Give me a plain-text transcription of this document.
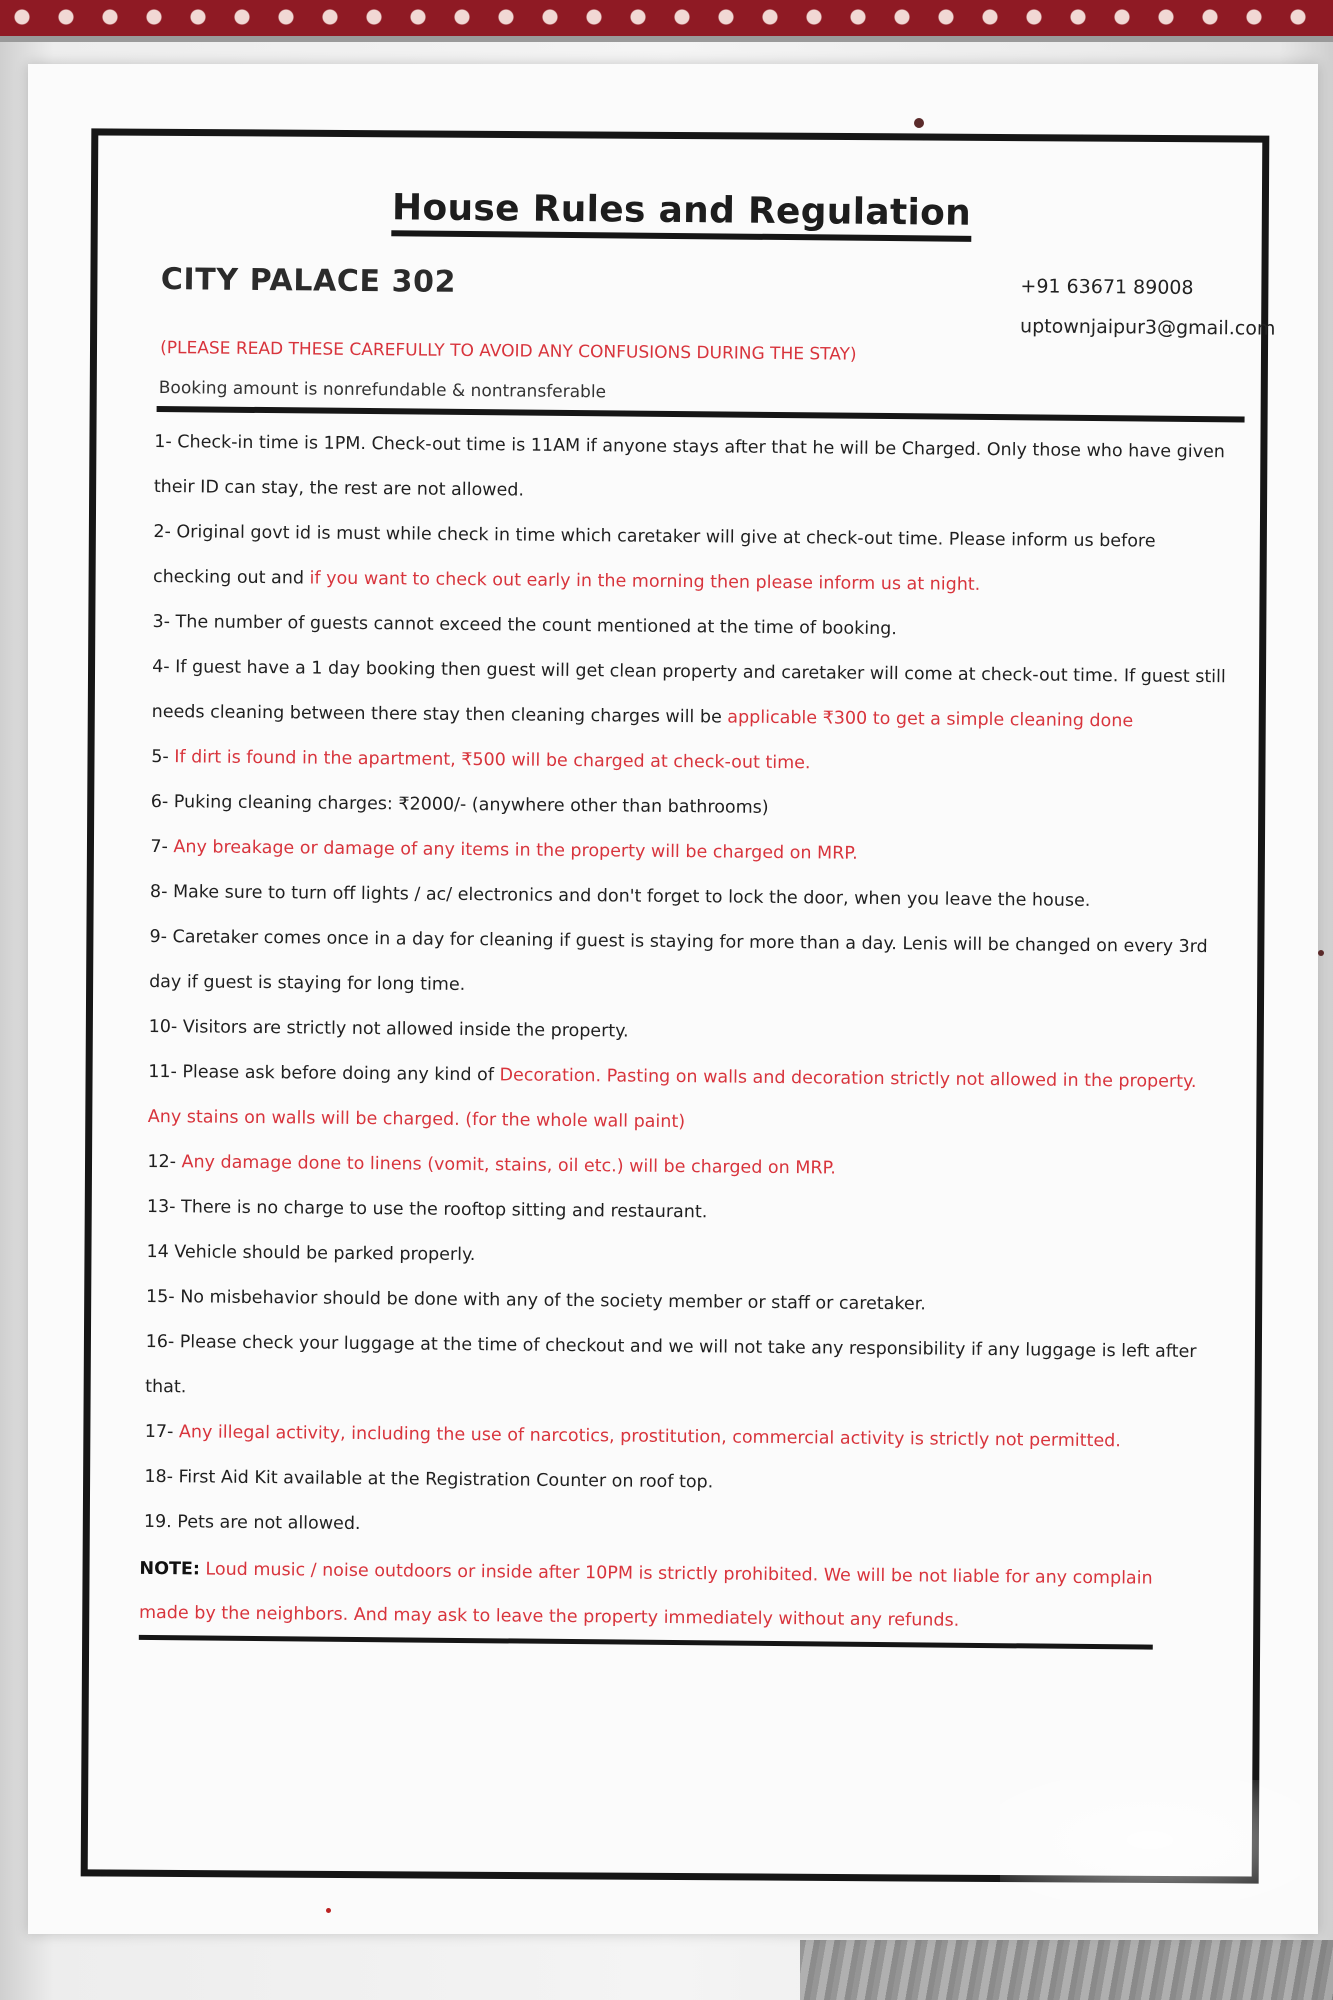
House Rules and Regulation
CITY PALACE 302	+91 63671 89008
uptownjaipur3@gmail.com
(PLEASE READ THESE CAREFULLY TO AVOID ANY CONFUSIONS DURING THE STAY)
Booking amount is nonrefundable & nontransferable
1- Check-in time is 1PM. Check-out time is 11AM if anyone stays after that he will be Charged. Only those who have given their ID can stay, the rest are not allowed.
2- Original govt id is must while check in time which caretaker will give at check-out time. Please inform us before checking out and if you want to check out early in the morning then please inform us at night.
3- The number of guests cannot exceed the count mentioned at the time of booking.
4- If guest have a 1 day booking then guest will get clean property and caretaker will come at check-out time. If guest still needs cleaning between there stay then cleaning charges will be applicable ₹300 to get a simple cleaning done
5- If dirt is found in the apartment, ₹500 will be charged at check-out time.
6- Puking cleaning charges: ₹2000/- (anywhere other than bathrooms)
7- Any breakage or damage of any items in the property will be charged on MRP.
8- Make sure to turn off lights / ac/ electronics and don't forget to lock the door, when you leave the house.
9- Caretaker comes once in a day for cleaning if guest is staying for more than a day. Lenis will be changed on every 3rd day if guest is staying for long time.
10- Visitors are strictly not allowed inside the property.
11- Please ask before doing any kind of Decoration. Pasting on walls and decoration strictly not allowed in the property. Any stains on walls will be charged. (for the whole wall paint)
12- Any damage done to linens (vomit, stains, oil etc.) will be charged on MRP.
13- There is no charge to use the rooftop sitting and restaurant.
14 Vehicle should be parked properly.
15- No misbehavior should be done with any of the society member or staff or caretaker.
16- Please check your luggage at the time of checkout and we will not take any responsibility if any luggage is left after that.
17- Any illegal activity, including the use of narcotics, prostitution, commercial activity is strictly not permitted.
18- First Aid Kit available at the Registration Counter on roof top.
19. Pets are not allowed.
NOTE: Loud music / noise outdoors or inside after 10PM is strictly prohibited. We will be not liable for any complain made by the neighbors. And may ask to leave the property immediately without any refunds.
